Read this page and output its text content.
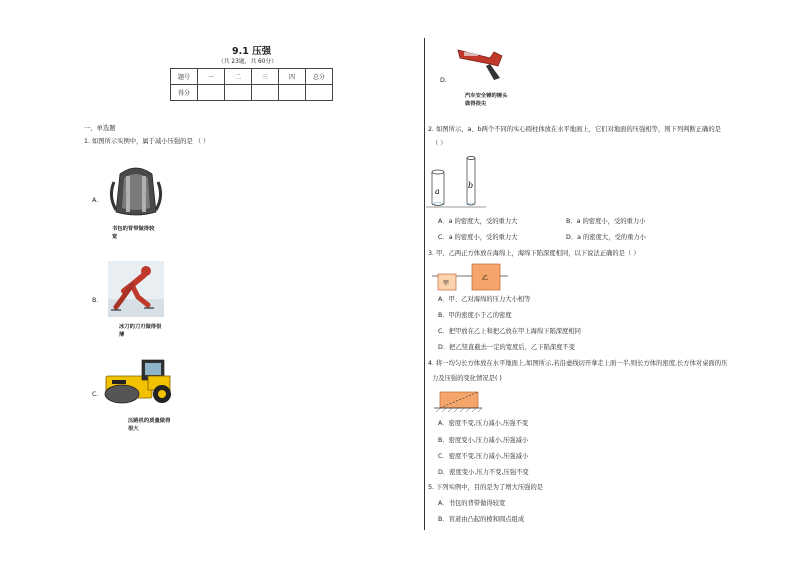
9.1 压强
（共 23题，共 60分）
题号	一	二	三	四	总分
得分					
一、单选题
1. 如图所示实例中，属于减小压强的是 （ ）
A.
书包的背带做得较宽
B.
冰刀的刀刃做得很薄
C.
压路机的质量做得很大
D.
汽车安全锤的锤头做得很尖
2. 如图所示，a、b两个不同的实心圆柱体放在水平地面上，它们对地面的压强相等，则下列判断正确的是
（ ）
a
b
A．a 的密度大，受的重力大	B．a 的密度小，受的重力小
C．a 的密度小，受的重力大	D．a 的密度大，受的重力小
3. 甲、乙两正方体放在海绵上，海绵下陷深度相同，以下说法正确的是（ ）
甲
乙
A．甲、乙对海绵的压力大小相等
B．甲的密度小于乙的密度
C．把甲放在乙上和把乙放在甲上海绵下陷深度相同
D．把乙竖直截去一定的宽度后，乙下陷深度不变
4. 将一均匀长方体放在水平地面上,如图所示,若沿虚线切开拿走上面一半,则长方体的密度,长方体对桌面的压
力及压强的变化情况是( )
A．密度不变,压力减小,压强不变
B．密度变小,压力减小,压强减小
C．密度不变,压力减小,压强减小
D．密度变小,压力不变,压强不变
5. 下列实例中，目的是为了增大压强的是
A．书包的背带做得较宽
B．盲道由凸起的棱和圆点组成
